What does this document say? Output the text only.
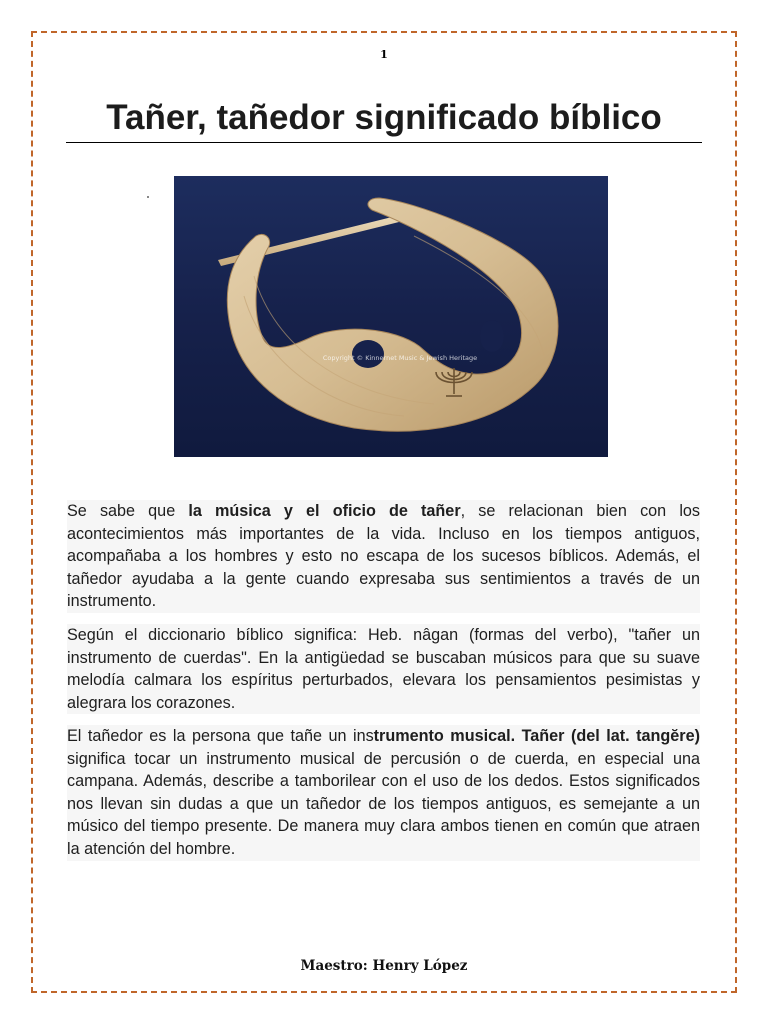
1
Tañer, tañedor significado bíblico
Copyright © Kinnernet Music & Jewish Heritage

Se sabe que la música y el oficio de tañer, se relacionan bien con los acontecimientos más importantes de la vida. Incluso en los tiempos antiguos, acompañaba a los hombres y esto no escapa de los sucesos bíblicos. Además, el tañedor ayudaba a la gente cuando expresaba sus sentimientos a través de un instrumento.

Según el diccionario bíblico significa: Heb. nâgan (formas del verbo), "tañer un instrumento de cuerdas". En la antigüedad se buscaban músicos para que su suave melodía calmara los espíritus perturbados, elevara los pensamientos pesimistas y alegrara los corazones.

El tañedor es la persona que tañe un instrumento musical. Tañer (del lat. tangĕre) significa tocar un instrumento musical de percusión o de cuerda, en especial una campana. Además, describe a tamborilear con el uso de los dedos. Estos significados nos llevan sin dudas a que un tañedor de los tiempos antiguos, es semejante a un músico del tiempo presente. De manera muy clara ambos tienen en común que atraen la atención del hombre.

Maestro: Henry López
